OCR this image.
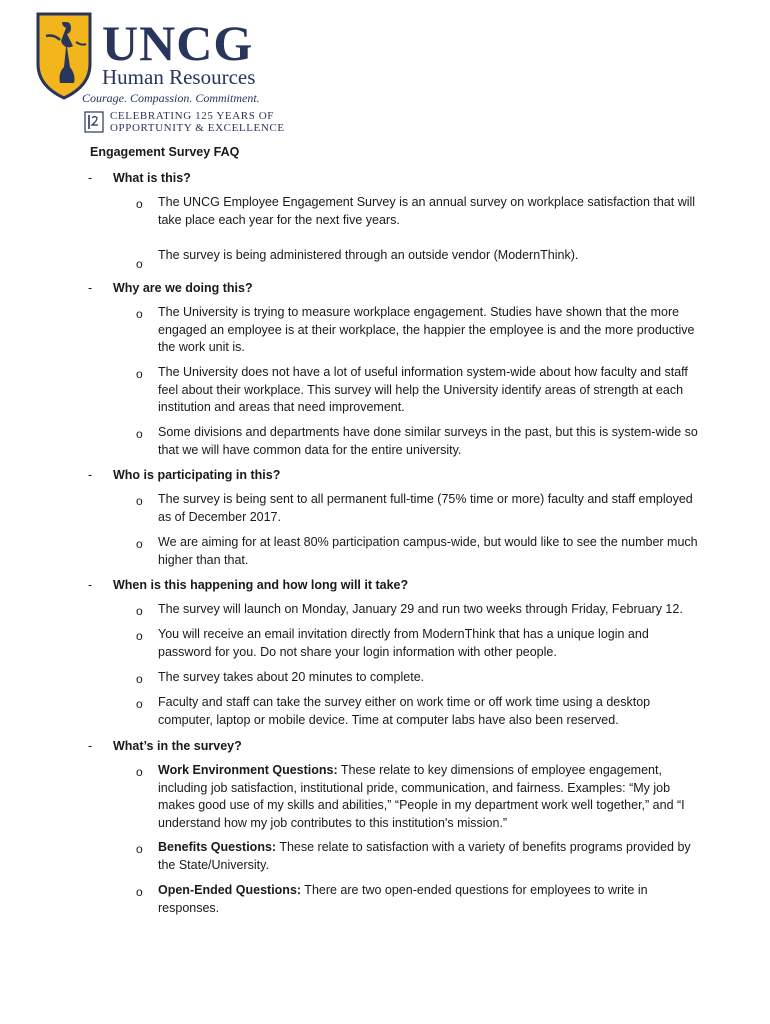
UNCG
Human Resources
Courage. Compassion. Commitment.
CELEBRATING 125 YEARS OF
OPPORTUNITY & EXCELLENCE
Engagement Survey FAQ
- What is this?
o The UNCG Employee Engagement Survey is an annual survey on workplace satisfaction that will take place each year for the next five years.
o
The survey is being administered through an outside vendor (ModernThink).
- Why are we doing this?
o The University is trying to measure workplace engagement. Studies have shown that the more engaged an employee is at their workplace, the happier the employee is and the more productive the work unit is.
o The University does not have a lot of useful information system-wide about how faculty and staff feel about their workplace. This survey will help the University identify areas of strength at each institution and areas that need improvement.
o Some divisions and departments have done similar surveys in the past, but this is system-wide so that we will have common data for the entire university.
- Who is participating in this?
o The survey is being sent to all permanent full-time (75% time or more) faculty and staff employed as of December 2017.
o We are aiming for at least 80% participation campus-wide, but would like to see the number much higher than that.
- When is this happening and how long will it take?
o The survey will launch on Monday, January 29 and run two weeks through Friday, February 12.
o You will receive an email invitation directly from ModernThink that has a unique login and password for you. Do not share your login information with other people.
o The survey takes about 20 minutes to complete.
o Faculty and staff can take the survey either on work time or off work time using a desktop computer, laptop or mobile device. Time at computer labs have also been reserved.
- What’s in the survey?
o Work Environment Questions: These relate to key dimensions of employee engagement, including job satisfaction, institutional pride, communication, and fairness. Examples: “My job makes good use of my skills and abilities,” “People in my department work well together,” and “I understand how my job contributes to this institution's mission.”
o Benefits Questions: These relate to satisfaction with a variety of benefits programs provided by the State/University.
o Open-Ended Questions: There are two open-ended questions for employees to write in responses.
